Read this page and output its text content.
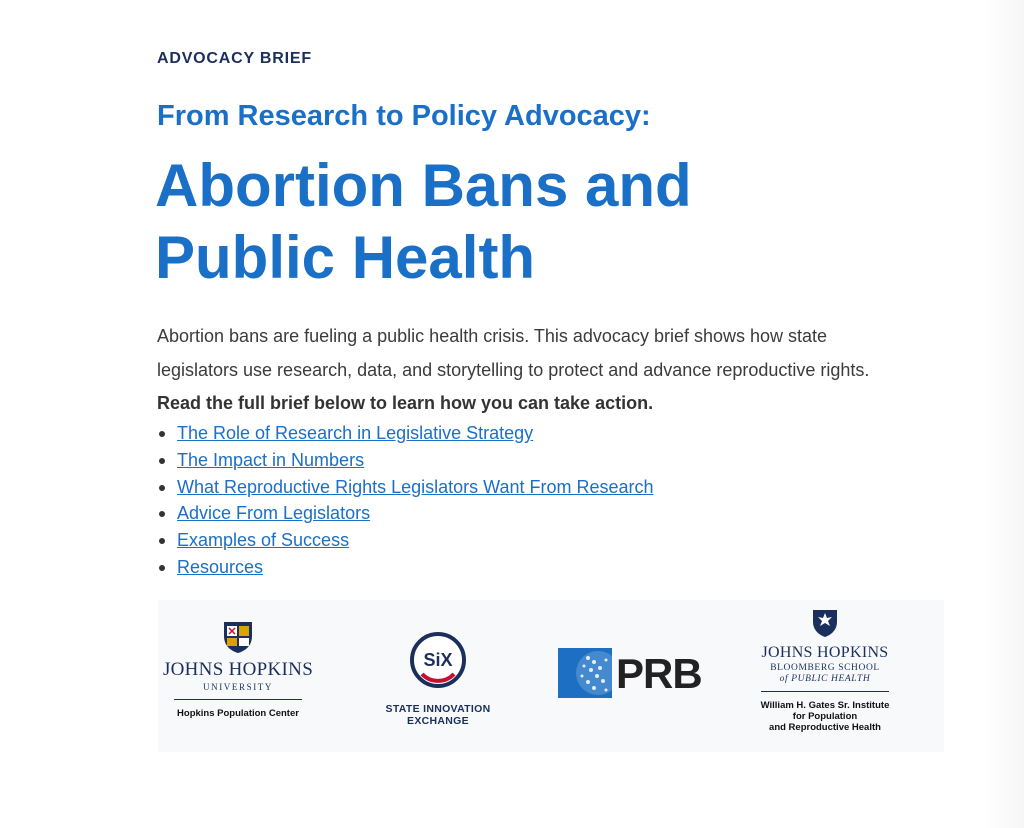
ADVOCACY BRIEF
From Research to Policy Advocacy:
Abortion Bans and
Public Health
Abortion bans are fueling a public health crisis. This advocacy brief shows how state legislators use research, data, and storytelling to protect and advance reproductive rights. Read the full brief below to learn how you can take action.
The Role of Research in Legislative Strategy
The Impact in Numbers
What Reproductive Rights Legislators Want From Research
Advice From Legislators
Examples of Success
Resources
JOHNS HOPKINS
UNIVERSITY
Hopkins Population Center
SiX
STATE INNOVATION EXCHANGE
PRB	JOHNS HOPKINS
BLOOMBERG SCHOOL
of PUBLIC HEALTH
William H. Gates Sr. Institute
for Population
and Reproductive Health
